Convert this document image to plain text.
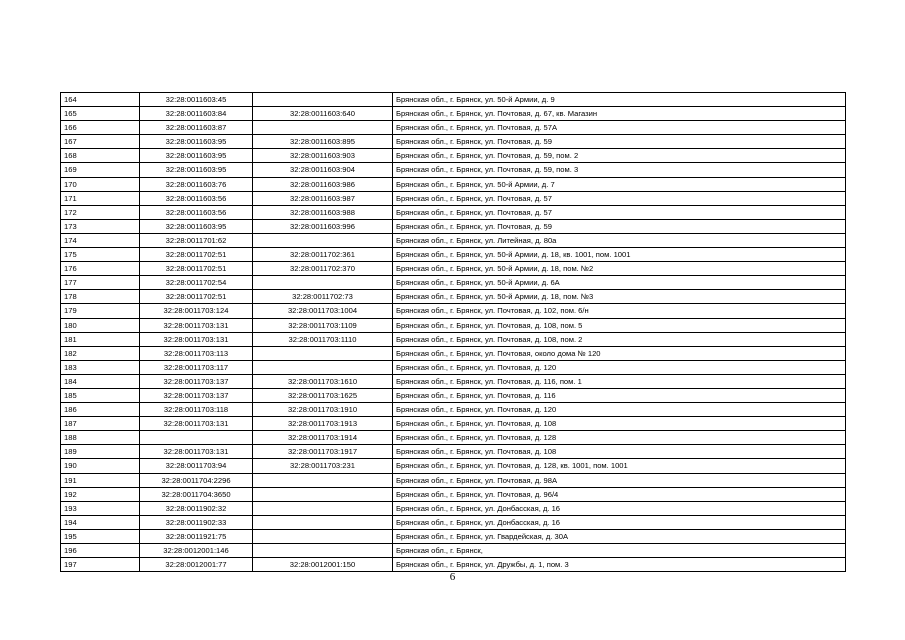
164	32:28:0011603:45		Брянская обл., г. Брянск, ул. 50-й Армии, д. 9
165	32:28:0011603:84	32:28:0011603:640	Брянская обл., г. Брянск, ул. Почтовая, д. 67, кв. Магазин
166	32:28:0011603:87		Брянская обл., г. Брянск, ул. Почтовая, д. 57А
167	32:28:0011603:95	32:28:0011603:895	Брянская обл., г. Брянск, ул. Почтовая, д. 59
168	32:28:0011603:95	32:28:0011603:903	Брянская обл., г. Брянск, ул. Почтовая, д. 59, пом. 2
169	32:28:0011603:95	32:28:0011603:904	Брянская обл., г. Брянск, ул. Почтовая, д. 59, пом. 3
170	32:28:0011603:76	32:28:0011603:986	Брянская обл., г. Брянск, ул. 50-й Армии, д. 7
171	32:28:0011603:56	32:28:0011603:987	Брянская обл., г. Брянск, ул. Почтовая, д. 57
172	32:28:0011603:56	32:28:0011603:988	Брянская обл., г. Брянск, ул. Почтовая, д. 57
173	32:28:0011603:95	32:28:0011603:996	Брянская обл., г. Брянск, ул. Почтовая, д. 59
174	32:28:0011701:62		Брянская обл., г. Брянск, ул. Литейная, д. 80а
175	32:28:0011702:51	32:28:0011702:361	Брянская обл., г. Брянск, ул. 50-й Армии, д. 18, кв. 1001, пом. 1001
176	32:28:0011702:51	32:28:0011702:370	Брянская обл., г. Брянск, ул. 50-й Армии, д. 18, пом. №2
177	32:28:0011702:54		Брянская обл., г. Брянск, ул. 50-й Армии, д. 6А
178	32:28:0011702:51	32:28:0011702:73	Брянская обл., г. Брянск, ул. 50-й Армии, д. 18, пом. №3
179	32:28:0011703:124	32:28:0011703:1004	Брянская обл., г. Брянск, ул. Почтовая, д. 102, пом. 6/н
180	32:28:0011703:131	32:28:0011703:1109	Брянская обл., г. Брянск, ул. Почтовая, д. 108, пом. 5
181	32:28:0011703:131	32:28:0011703:1110	Брянская обл., г. Брянск, ул. Почтовая, д. 108, пом. 2
182	32:28:0011703:113		Брянская обл., г. Брянск, ул. Почтовая, около дома № 120
183	32:28:0011703:117		Брянская обл., г. Брянск, ул. Почтовая, д. 120
184	32:28:0011703:137	32:28:0011703:1610	Брянская обл., г. Брянск, ул. Почтовая, д. 116, пом. 1
185	32:28:0011703:137	32:28:0011703:1625	Брянская обл., г. Брянск, ул. Почтовая, д. 116
186	32:28:0011703:118	32:28:0011703:1910	Брянская обл., г. Брянск, ул. Почтовая, д. 120
187	32:28:0011703:131	32:28:0011703:1913	Брянская обл., г. Брянск, ул. Почтовая, д. 108
188		32:28:0011703:1914	Брянская обл., г. Брянск, ул. Почтовая, д. 128
189	32:28:0011703:131	32:28:0011703:1917	Брянская обл., г. Брянск, ул. Почтовая, д. 108
190	32:28:0011703:94	32:28:0011703:231	Брянская обл., г. Брянск, ул. Почтовая, д. 128, кв. 1001, пом. 1001
191	32:28:0011704:2296		Брянская обл., г. Брянск, ул. Почтовая, д. 98А
192	32:28:0011704:3650		Брянская обл., г. Брянск, ул. Почтовая, д. 96/4
193	32:28:0011902:32		Брянская обл., г. Брянск, ул. Донбасская, д. 16
194	32:28:0011902:33		Брянская обл., г. Брянск, ул. Донбасская, д. 16
195	32:28:0011921:75		Брянская обл., г. Брянск, ул. Гвардейская, д. 30А
196	32:28:0012001:146		Брянская обл., г. Брянск,
197	32:28:0012001:77	32:28:0012001:150	Брянская обл., г. Брянск, ул. Дружбы, д. 1, пом. 3
6
